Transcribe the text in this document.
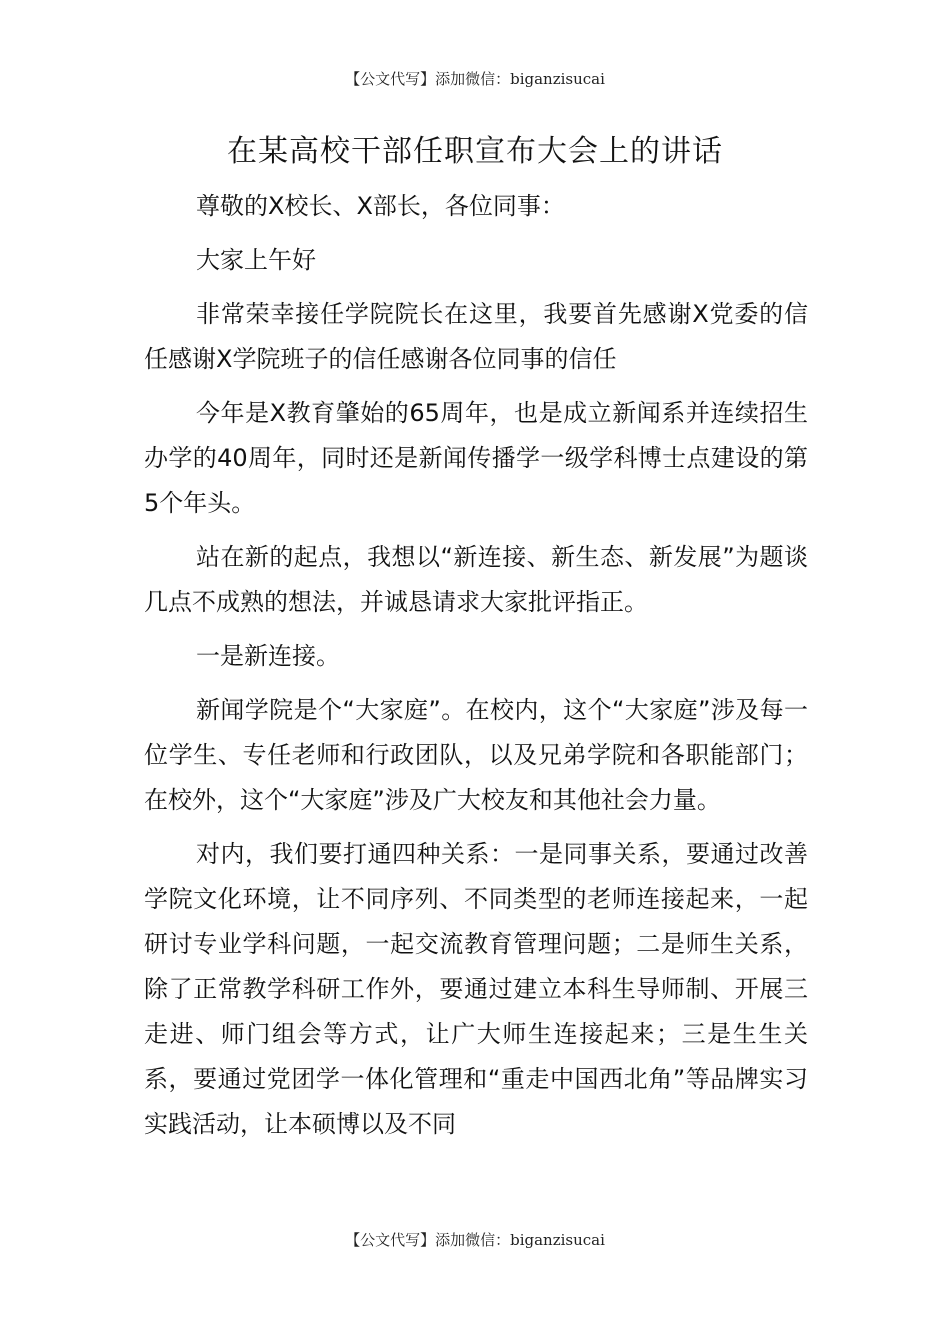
【公文代写】添加微信：biganzisucai
在某高校干部任职宣布大会上的讲话

尊敬的X校长、X部长，各位同事：

大家上午好

非常荣幸接任学院院长在这里，我要首先感谢X党委的信任感谢X学院班子的信任感谢各位同事的信任

今年是X教育肇始的65周年，也是成立新闻系并连续招生办学的40周年，同时还是新闻传播学一级学科博士点建设的第5个年头。

站在新的起点，我想以“新连接、新生态、新发展”为题谈几点不成熟的想法，并诚恳请求大家批评指正。

一是新连接。

新闻学院是个“大家庭”。在校内，这个“大家庭”涉及每一位学生、专任老师和行政团队，以及兄弟学院和各职能部门；在校外，这个“大家庭”涉及广大校友和其他社会力量。

对内，我们要打通四种关系：一是同事关系，要通过改善学院文化环境，让不同序列、不同类型的老师连接起来，一起研讨专业学科问题，一起交流教育管理问题；二是师生关系，除了正常教学科研工作外，要通过建立本科生导师制、开展三走进、师门组会等方式，让广大师生连接起来；三是生生关系，要通过党团学一体化管理和“重走中国西北角”等品牌实习实践活动，让本硕博以及不同

【公文代写】添加微信：biganzisucai
